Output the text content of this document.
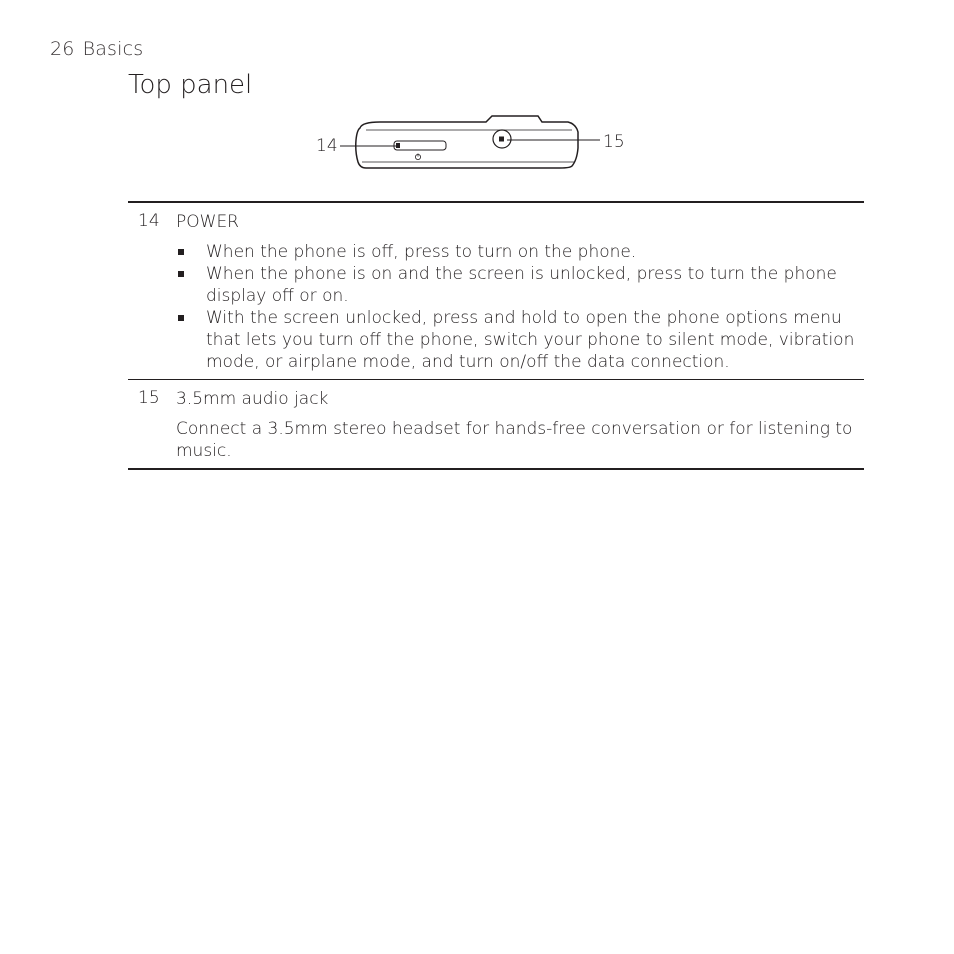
26 Basics
Top panel
14	15
14 POWER
When the phone is off, press to turn on the phone.
When the phone is on and the screen is unlocked, press to turn the phone display off or on.
With the screen unlocked, press and hold to open the phone options menu that lets you turn off the phone, switch your phone to silent mode, vibration mode, or airplane mode, and turn on/off the data connection.
15 3.5mm audio jack

Connect a 3.5mm stereo headset for hands-free conversation or for listening to music.
